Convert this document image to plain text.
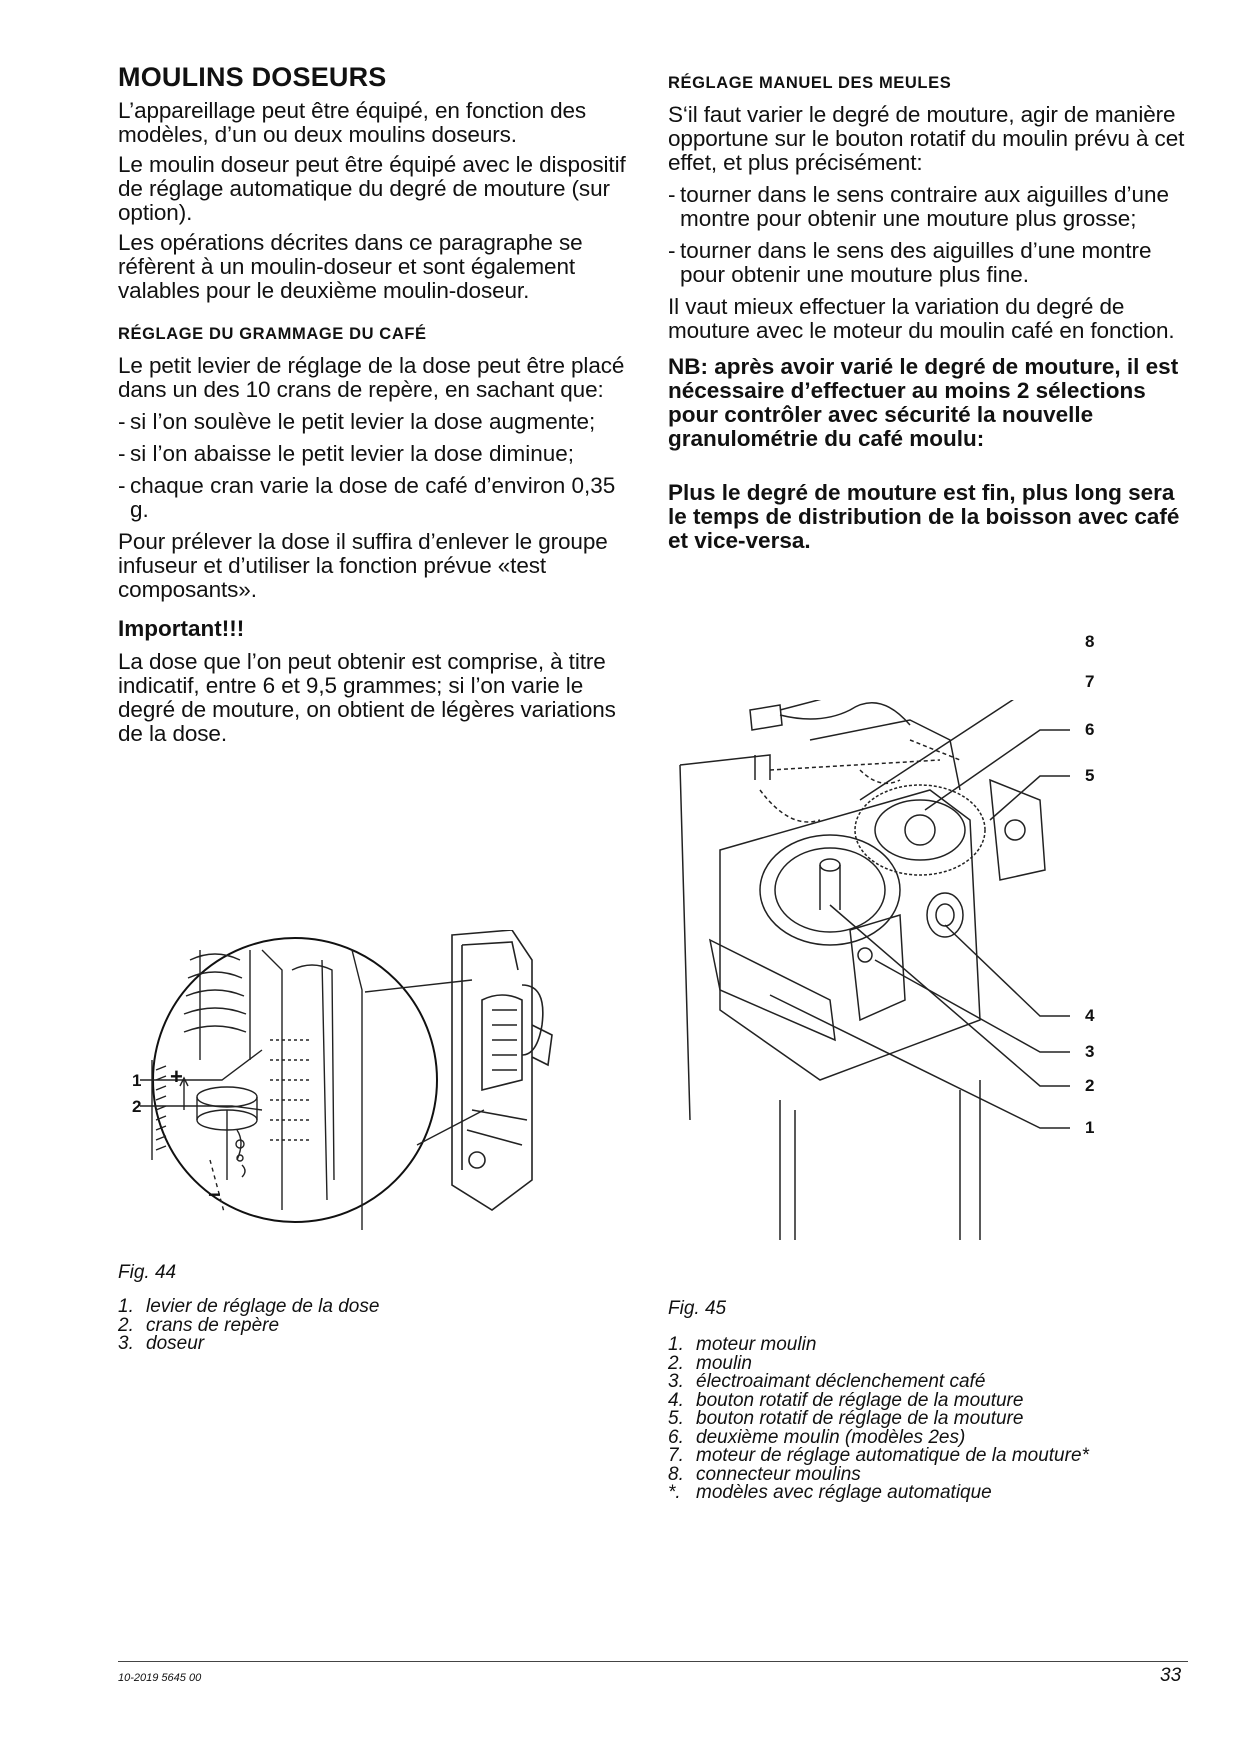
MOULINS DOSEURS

L’appareillage peut être équipé, en fonction des modèles, d’un ou deux moulins doseurs.

Le moulin doseur peut être équipé avec le dispositif de réglage automatique du degré de mouture (sur option).

Les opérations décrites dans ce paragraphe se réfèrent à un moulin-doseur et sont également valables pour le deuxième moulin-doseur.

RÉGLAGE DU GRAMMAGE DU CAFÉ

Le petit levier de réglage de la dose peut être placé dans un des 10 crans de repère, en sachant que:

- si l’on soulève le petit levier la dose augmente;
- si l’on abaisse le petit levier la dose diminue;
- chaque cran varie la dose de café d’environ 0,35 g.

Pour prélever la dose il suffira d’enlever le groupe infuseur et d’utiliser la fonction prévue «test composants».

Important!!!

La dose que l’on peut obtenir est comprise, à titre indicatif, entre 6 et 9,5 grammes; si l’on varie le degré de mouture, on obtient de légères variations de la dose.

RÉGLAGE MANUEL DES MEULES

S‘il faut varier le degré de mouture, agir de manière opportune sur le bouton rotatif du moulin prévu à cet effet, et plus précisément:

- tourner dans le sens contraire aux aiguilles d’une montre pour obtenir une mouture plus grosse;
- tourner dans le sens des aiguilles d’une montre pour obtenir une mouture plus fine.

Il vaut mieux effectuer la variation du degré de mouture avec le moteur du moulin café en fonction.

NB: après avoir varié le degré de mouture, il est nécessaire d’effectuer au moins 2 sélections pour contrôler avec sécurité la nouvelle granulométrie du café moulu:

Plus le degré de mouture est fin, plus long sera le temps de distribution de la boisson avec café et vice-versa.

+
−
1
2
Fig. 44
1. levier de réglage de la dose
2. crans de repère
3. doseur
8
7
6
5
4
3
2
1
Fig. 45
1. moteur moulin
2. moulin
3. électroaimant déclenchement café
4. bouton rotatif de réglage de la mouture
5. bouton rotatif de réglage de la mouture
6. deuxième moulin (modèles 2es)
7. moteur de réglage automatique de la mouture*
8. connecteur moulins
*. modèles avec réglage automatique
10-2019 5645 00	33
